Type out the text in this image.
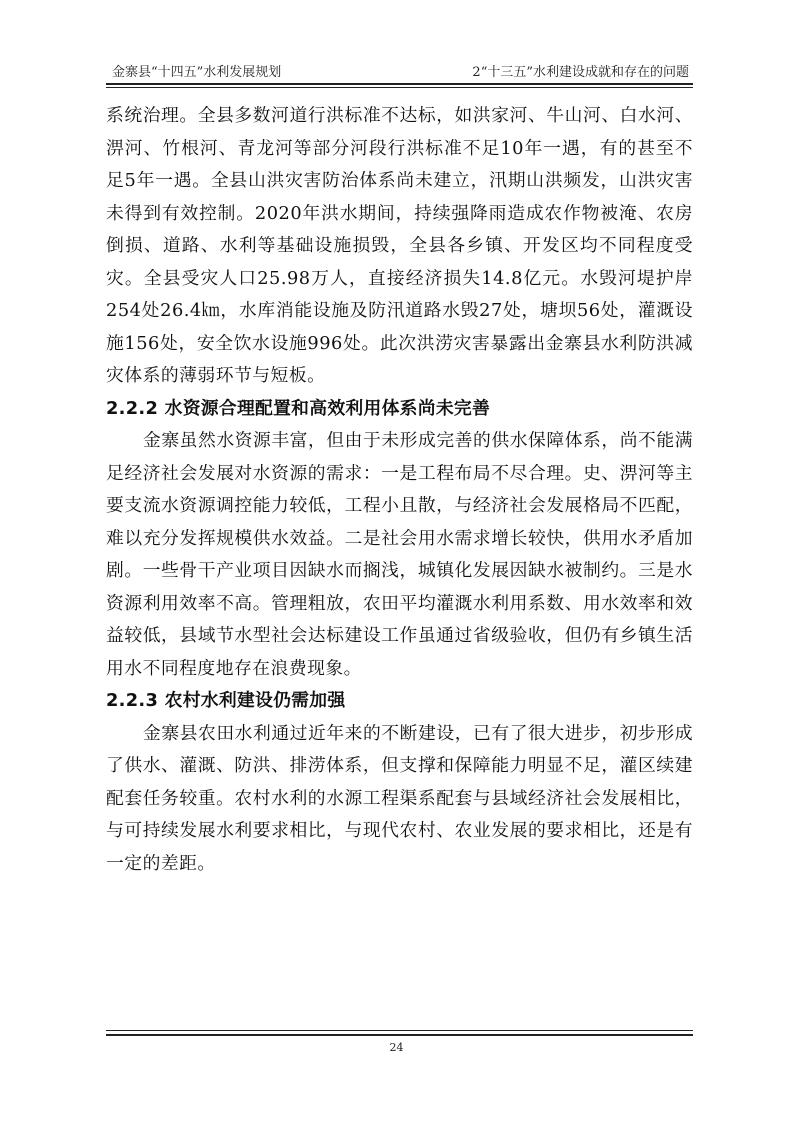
金寨县“十四五”水利发展规划	2“十三五”水利建设成就和存在的问题

系统治理。全县多数河道行洪标准不达标，如洪家河、牛山河、白水河、淠河、竹根河、青龙河等部分河段行洪标准不足10年一遇，有的甚至不足5年一遇。全县山洪灾害防治体系尚未建立，汛期山洪频发，山洪灾害未得到有效控制。2020年洪水期间，持续强降雨造成农作物被淹、农房倒损、道路、水利等基础设施损毁，全县各乡镇、开发区均不同程度受灾。全县受灾人口25.98万人，直接经济损失14.8亿元。水毁河堤护岸254处26.4㎞，水库消能设施及防汛道路水毁27处，塘坝56处，灌溉设施156处，安全饮水设施996处。此次洪涝灾害暴露出金寨县水利防洪减灾体系的薄弱环节与短板。

2.2.2 水资源合理配置和高效利用体系尚未完善

金寨虽然水资源丰富，但由于未形成完善的供水保障体系，尚不能满足经济社会发展对水资源的需求：一是工程布局不尽合理。史、淠河等主要支流水资源调控能力较低，工程小且散，与经济社会发展格局不匹配，难以充分发挥规模供水效益。二是社会用水需求增长较快，供用水矛盾加剧。一些骨干产业项目因缺水而搁浅，城镇化发展因缺水被制约。三是水资源利用效率不高。管理粗放，农田平均灌溉水利用系数、用水效率和效益较低，县域节水型社会达标建设工作虽通过省级验收，但仍有乡镇生活用水不同程度地存在浪费现象。

2.2.3 农村水利建设仍需加强

金寨县农田水利通过近年来的不断建设，已有了很大进步，初步形成了供水、灌溉、防洪、排涝体系，但支撑和保障能力明显不足，灌区续建配套任务较重。农村水利的水源工程渠系配套与县域经济社会发展相比，与可持续发展水利要求相比，与现代农村、农业发展的要求相比，还是有一定的差距。

24
